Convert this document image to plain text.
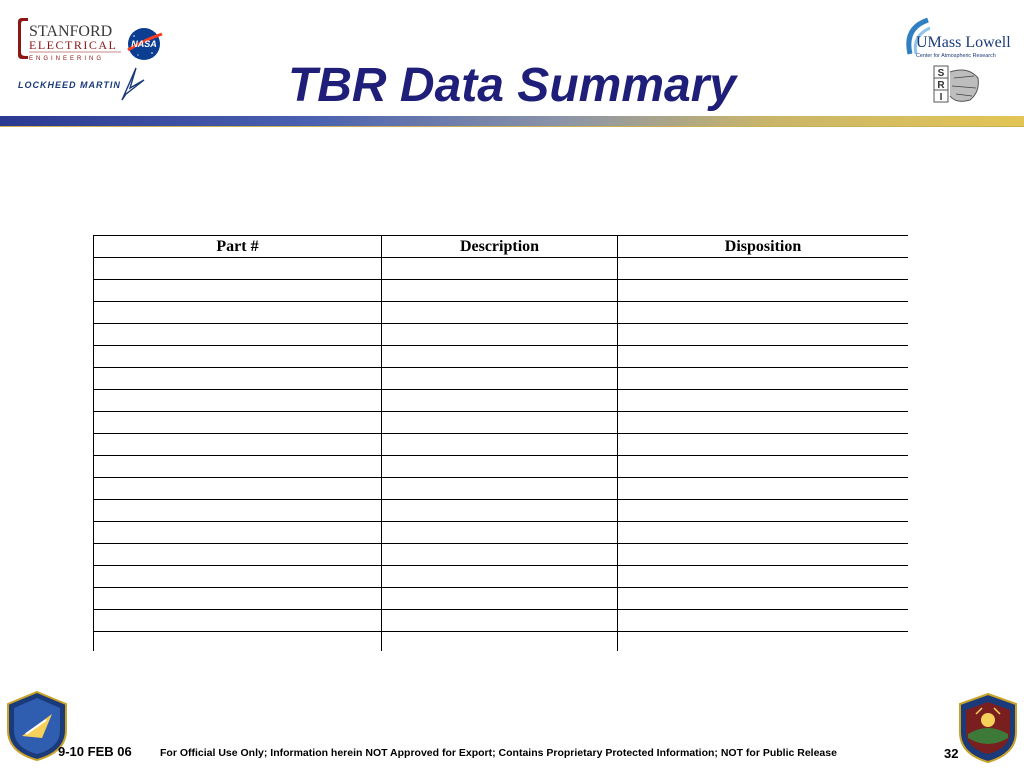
STANFORD
ELECTRICAL
ENGINEERING
NASA
LOCKHEED MARTIN	TBR Data Summary
UMass Lowell
Center for Atmospheric Research
S
R
I
Part #	Description	Disposition

9-10 FEB 06	For Official Use Only; Information herein NOT Approved for Export; Contains Proprietary Protected Information; NOT for Public Release	32
